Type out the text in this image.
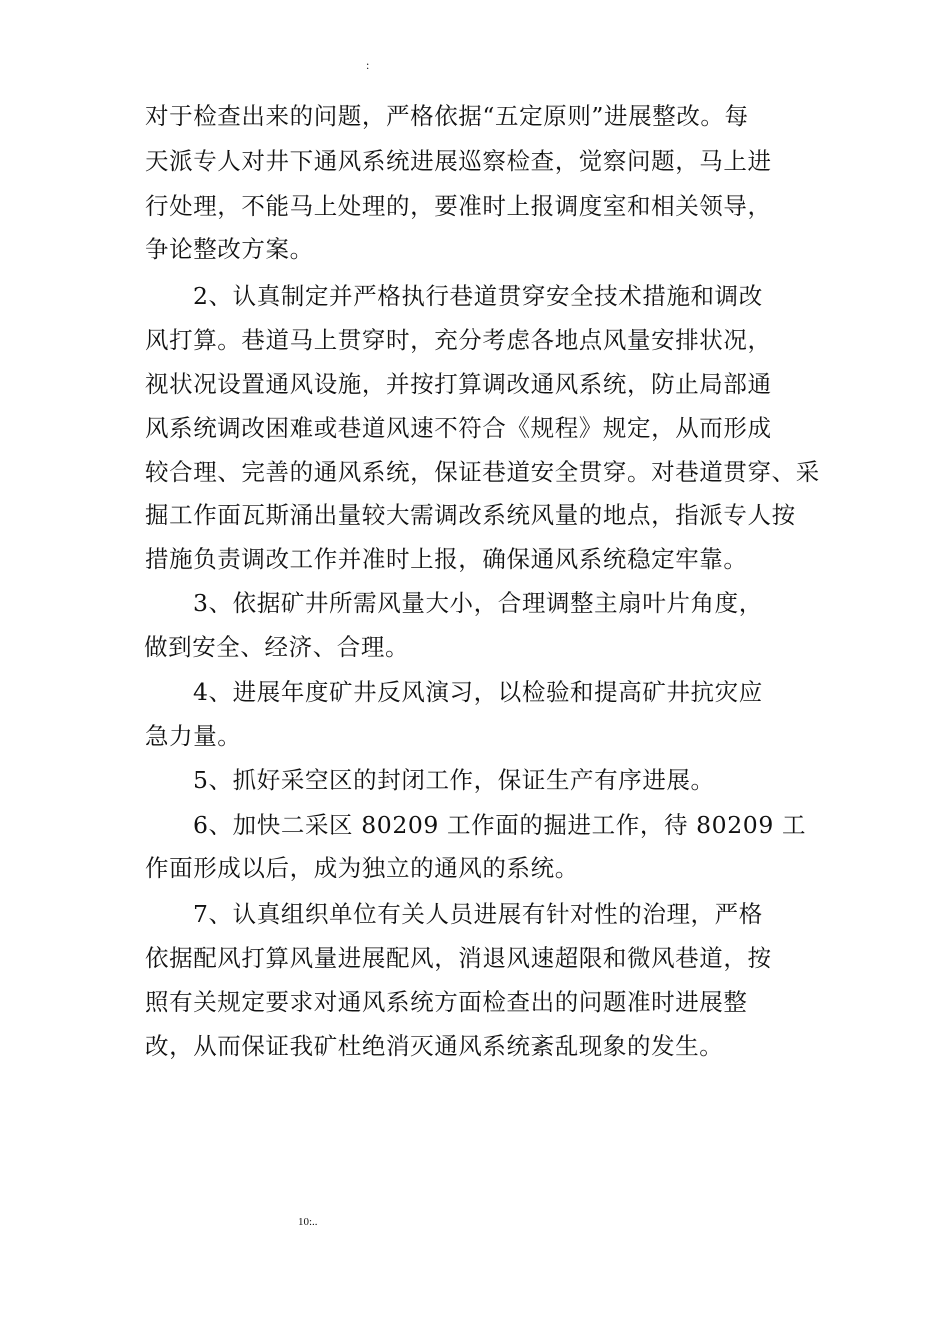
:
对于检查出来的问题，严格依据“五定原则”进展整改。每
天派专人对井下通风系统进展巡察检查，觉察问题，马上进
行处理，不能马上处理的，要准时上报调度室和相关领导，
争论整改方案。
2、认真制定并严格执行巷道贯穿安全技术措施和调改
风打算。巷道马上贯穿时，充分考虑各地点风量安排状况，
视状况设置通风设施，并按打算调改通风系统，防止局部通
风系统调改困难或巷道风速不符合《规程》规定，从而形成
较合理、完善的通风系统，保证巷道安全贯穿。对巷道贯穿、采
掘工作面瓦斯涌出量较大需调改系统风量的地点，指派专人按
措施负责调改工作并准时上报，确保通风系统稳定牢靠。
3、依据矿井所需风量大小，合理调整主扇叶片角度，
做到安全、经济、合理。
4、进展年度矿井反风演习，以检验和提高矿井抗灾应
急力量。
5、抓好采空区的封闭工作，保证生产有序进展。
6、加快二采区 80209 工作面的掘进工作，待 80209 工
作面形成以后，成为独立的通风的系统。
7、认真组织单位有关人员进展有针对性的治理，严格
依据配风打算风量进展配风，消退风速超限和微风巷道，按
照有关规定要求对通风系统方面检查出的问题准时进展整
改，从而保证我矿杜绝消灭通风系统紊乱现象的发生。
10:..
